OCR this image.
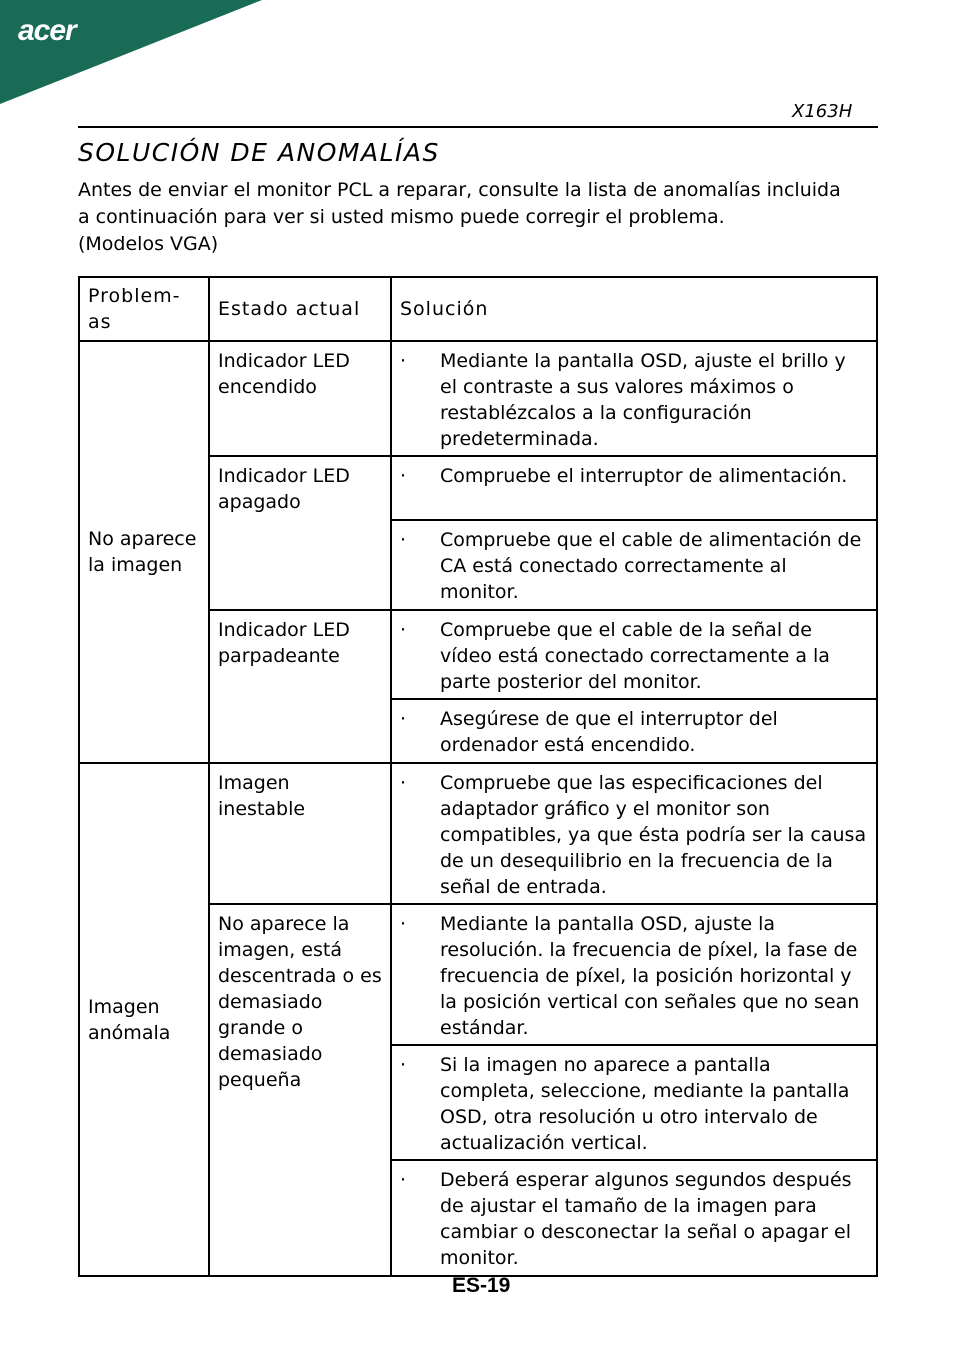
acer
X163H
SOLUCIÓN DE ANOMALÍAS
Antes de enviar el monitor PCL a reparar, consulte la lista de anomalías incluida
a continuación para ver si usted mismo puede corregir el problema.
(Modelos VGA)
Problem-as	Estado actual	Solución

No aparece la imagen	Indicador LED encendido	· Mediante la pantalla OSD, ajuste el brillo y el contraste a sus valores máximos o restablézcalos a la configuración predeterminada.

	Indicador LED apagado	· Compruebe el interruptor de alimentación.

		· Compruebe que el cable de alimentación de CA está conectado correctamente al monitor.

	Indicador LED parpadeante	· Compruebe que el cable de la señal de vídeo está conectado correctamente a la parte posterior del monitor.

		· Asegúrese de que el interruptor del ordenador está encendido.

Imagen anómala	Imagen inestable	· Compruebe que las especificaciones del adaptador gráfico y el monitor son compatibles, ya que ésta podría ser la causa de un desequilibrio en la frecuencia de la señal de entrada.

	No aparece la imagen, está descentrada o es demasiado grande o demasiado pequeña	· Mediante la pantalla OSD, ajuste la resolución. la frecuencia de píxel, la fase de frecuencia de píxel, la posición horizontal y la posición vertical con señales que no sean estándar.

		· Si la imagen no aparece a pantalla completa, seleccione, mediante la pantalla OSD, otra resolución u otro intervalo de actualización vertical.

		· Deberá esperar algunos segundos después de ajustar el tamaño de la imagen para cambiar o desconectar la señal o apagar el monitor.
ES-19
